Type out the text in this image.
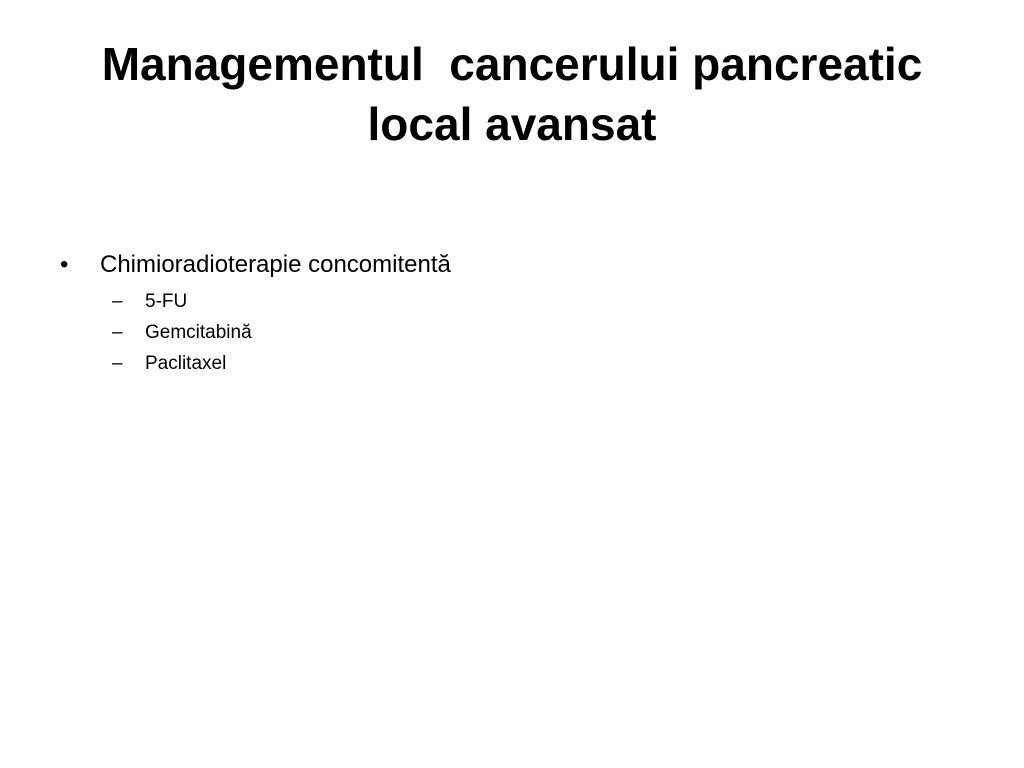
Managementul  cancerului pancreatic
local avansat
•	Chimioradioterapie concomitentă
– 5-FU
– Gemcitabină
– Paclitaxel
